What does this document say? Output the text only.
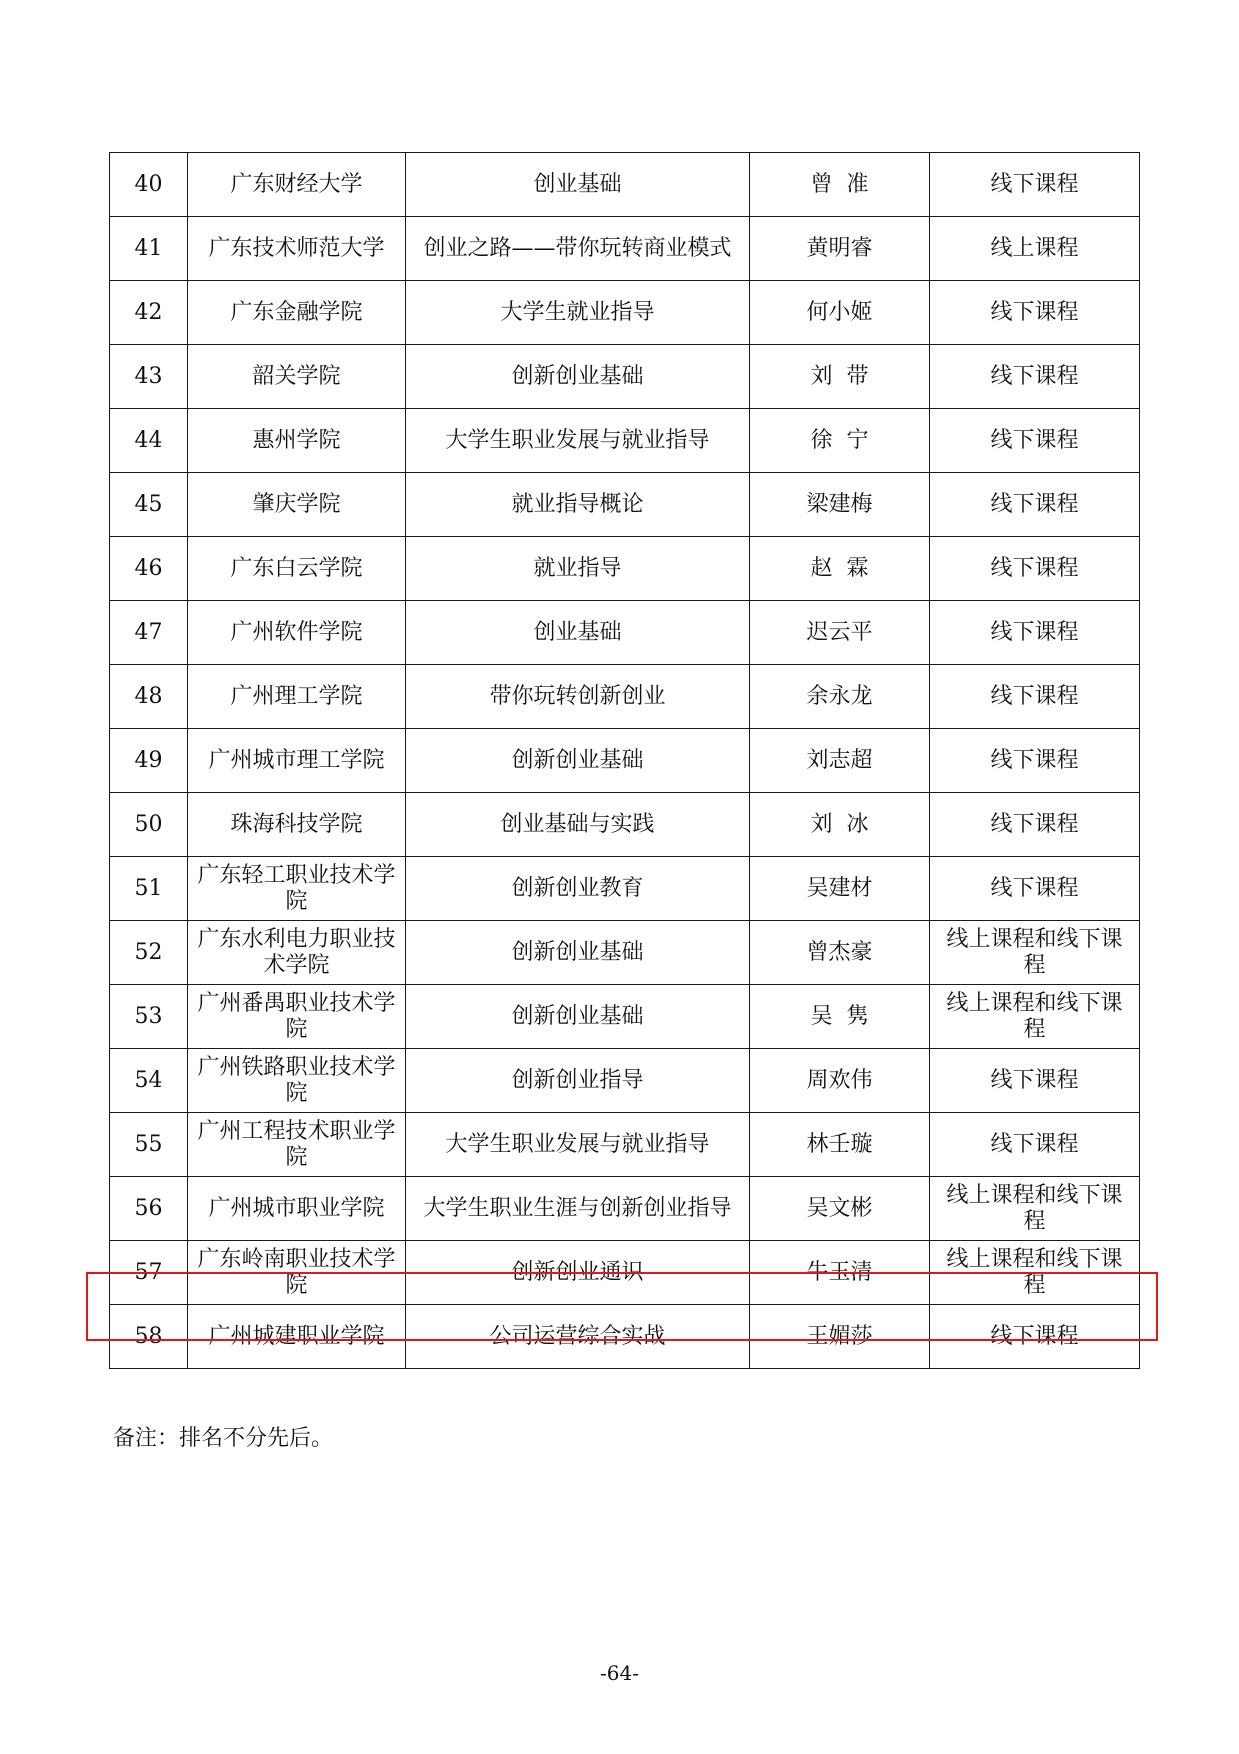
40	广东财经大学	创业基础	曾  准	线下课程
41	广东技术师范大学	创业之路——带你玩转商业模式	黄明睿	线上课程
42	广东金融学院	大学生就业指导	何小姬	线下课程
43	韶关学院	创新创业基础	刘  带	线下课程
44	惠州学院	大学生职业发展与就业指导	徐  宁	线下课程
45	肇庆学院	就业指导概论	梁建梅	线下课程
46	广东白云学院	就业指导	赵  霖	线下课程
47	广州软件学院	创业基础	迟云平	线下课程
48	广州理工学院	带你玩转创新创业	余永龙	线下课程
49	广州城市理工学院	创新创业基础	刘志超	线下课程
50	珠海科技学院	创业基础与实践	刘  冰	线下课程
51	广东轻工职业技术学院	创新创业教育	吴建材	线下课程
52	广东水利电力职业技术学院	创新创业基础	曾杰豪	线上课程和线下课程
53	广州番禺职业技术学院	创新创业基础	吴  隽	线上课程和线下课程
54	广州铁路职业技术学院	创新创业指导	周欢伟	线下课程
55	广州工程技术职业学院	大学生职业发展与就业指导	林壬璇	线下课程
56	广州城市职业学院	大学生职业生涯与创新创业指导	吴文彬	线上课程和线下课程
57	广东岭南职业技术学院	创新创业通识	牛玉清	线上课程和线下课程
58	广州城建职业学院	公司运营综合实战	王媚莎	线下课程
备注：排名不分先后。
-64-
